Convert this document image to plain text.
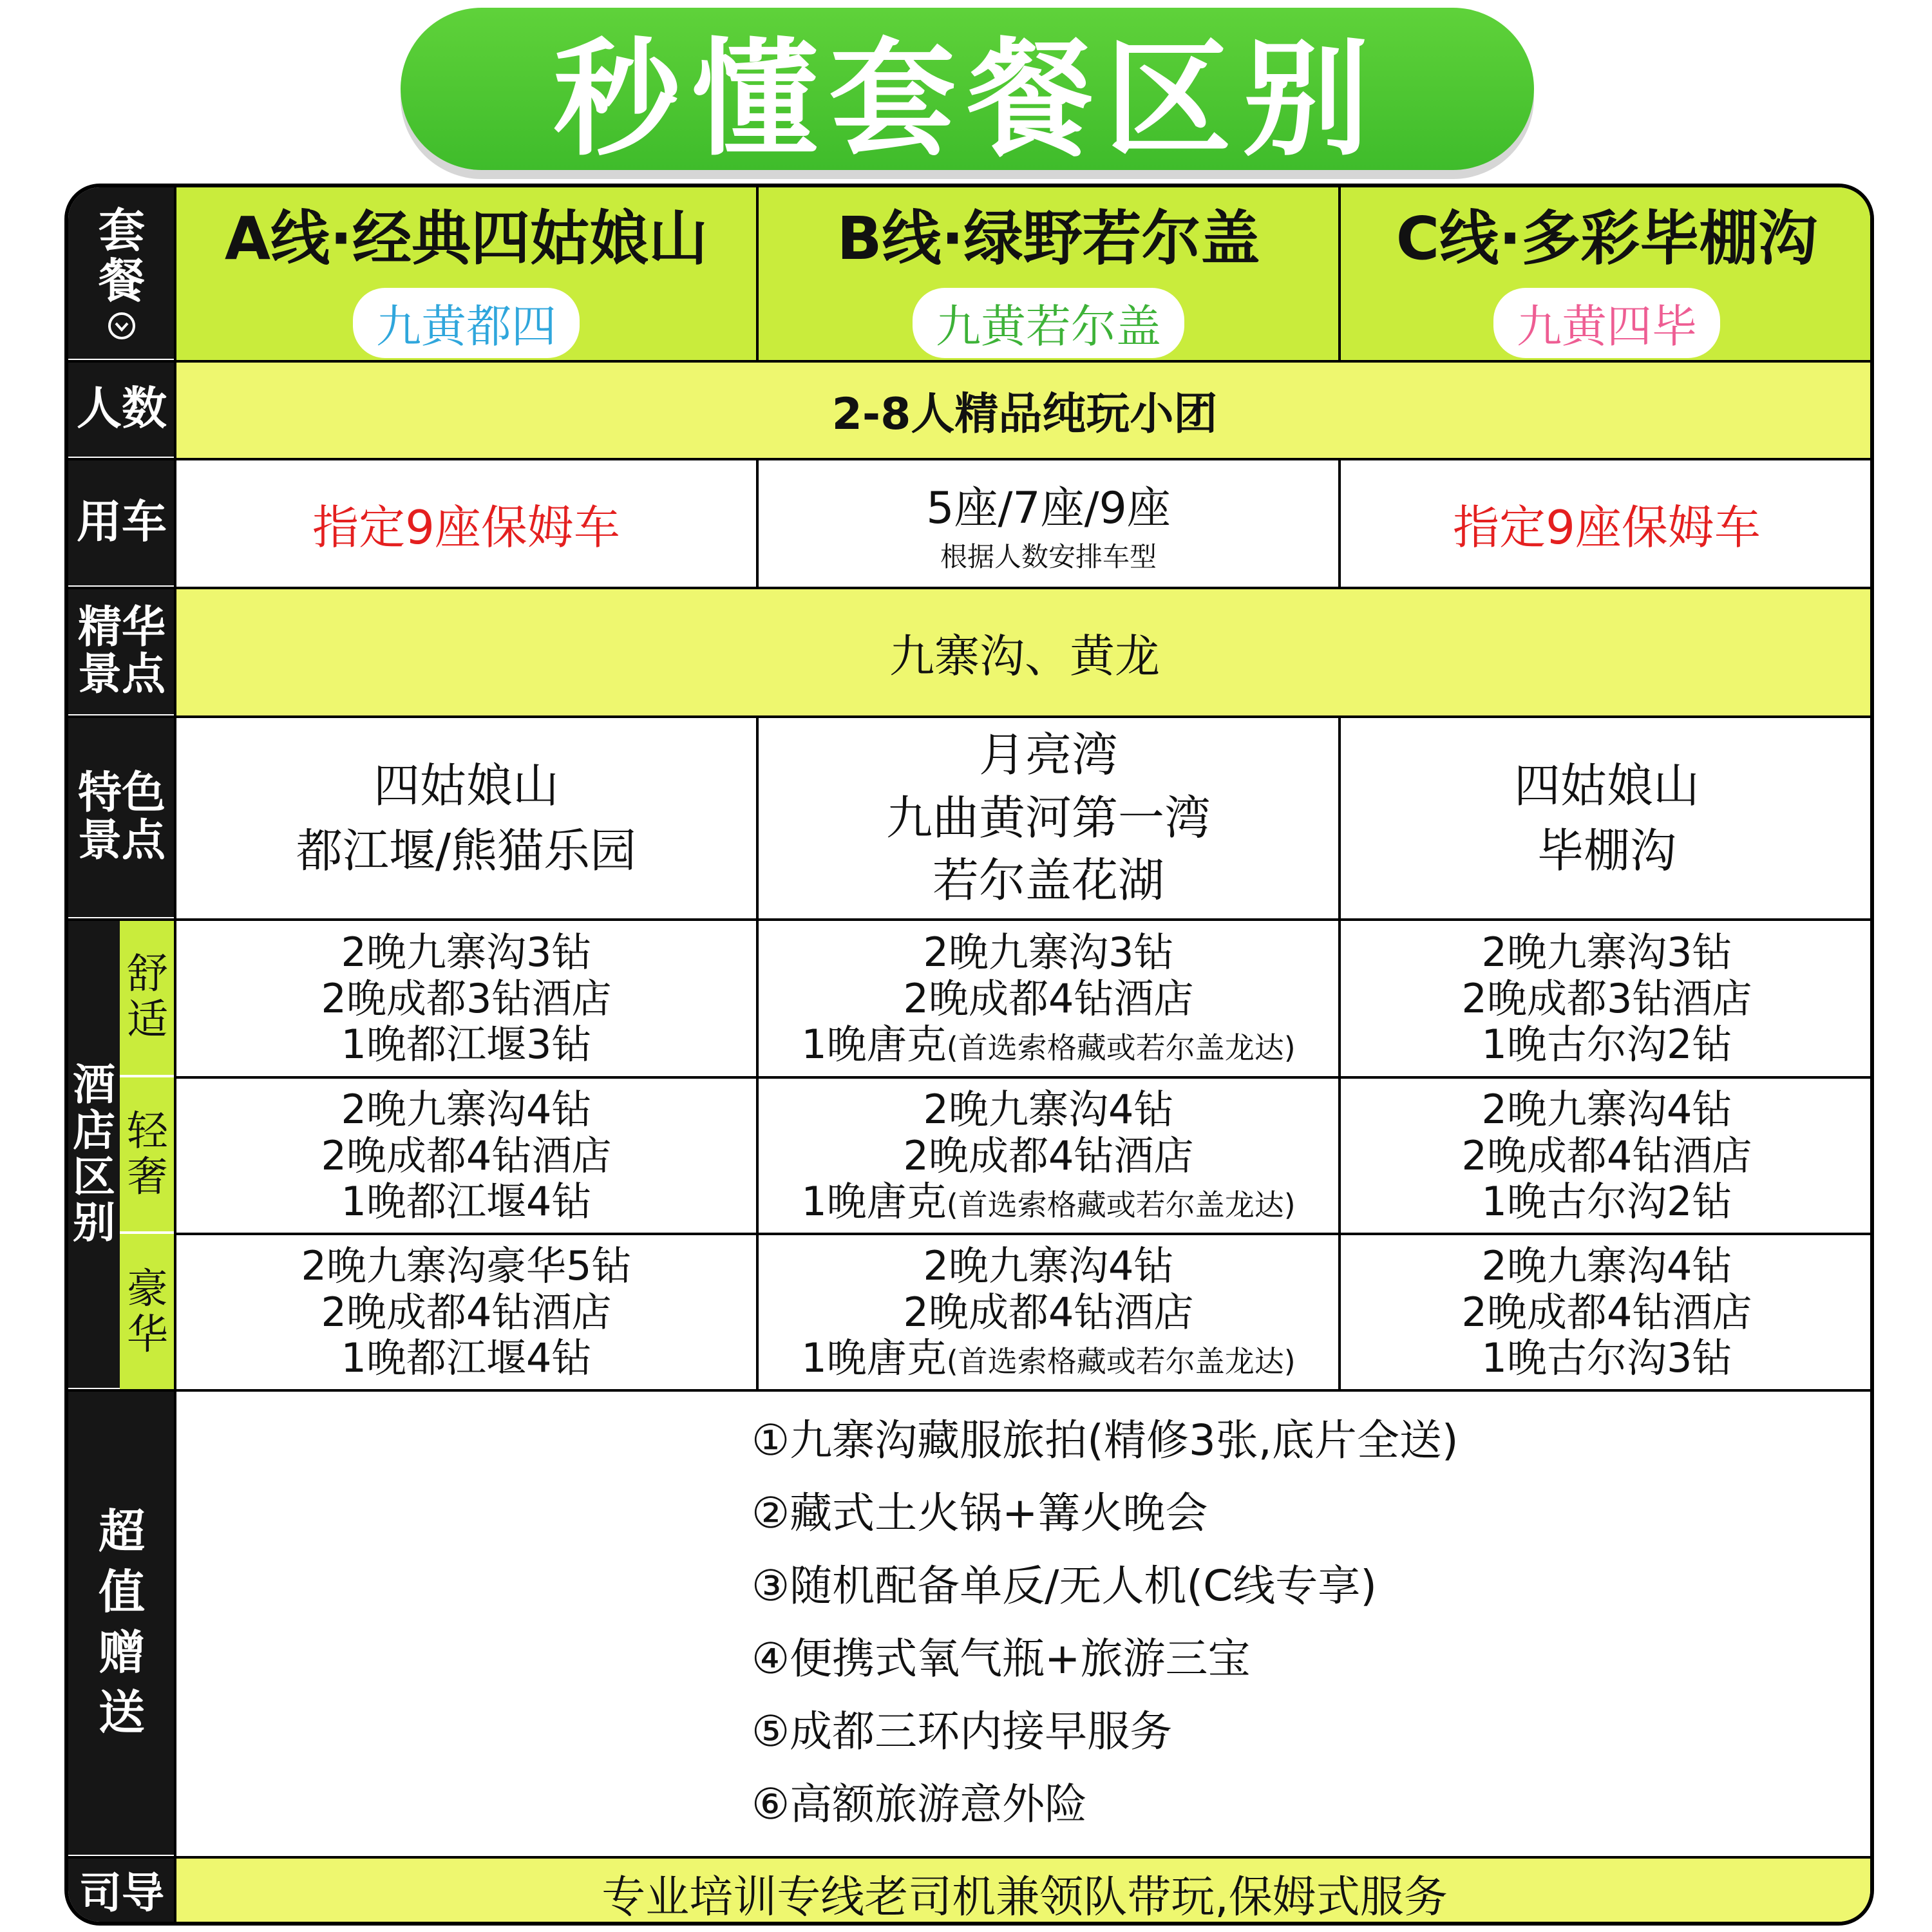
秒懂套餐区别
套
餐
人数
用车
精华
景点
特色
景点
酒
店
区
别
超
值
赠
送
司导
舒
适
轻
奢
豪
华
A线·经典四姑娘山
九黄都四
B线·绿野若尔盖
九黄若尔盖
C线·多彩毕棚沟
九黄四毕
2-8人精品纯玩小团
指定9座保姆车	5座/7座/9座
根据人数安排车型
指定9座保姆车
九寨沟、黄龙
四姑娘山
都江堰/熊猫乐园
月亮湾
九曲黄河第一湾
若尔盖花湖
四姑娘山
毕棚沟
2晚九寨沟3钻
2晚成都3钻酒店
1晚都江堰3钻
2晚九寨沟3钻
2晚成都4钻酒店
1晚唐克(首选索格藏或若尔盖龙达)
2晚九寨沟3钻
2晚成都3钻酒店
1晚古尔沟2钻
2晚九寨沟4钻
2晚成都4钻酒店
1晚都江堰4钻
2晚九寨沟4钻
2晚成都4钻酒店
1晚唐克(首选索格藏或若尔盖龙达)
2晚九寨沟4钻
2晚成都4钻酒店
1晚古尔沟2钻
2晚九寨沟豪华5钻
2晚成都4钻酒店
1晚都江堰4钻
2晚九寨沟4钻
2晚成都4钻酒店
1晚唐克(首选索格藏或若尔盖龙达)
2晚九寨沟4钻
2晚成都4钻酒店
1晚古尔沟3钻
①九寨沟藏服旅拍(精修3张,底片全送)
②藏式土火锅+篝火晚会
③随机配备单反/无人机(C线专享)
④便携式氧气瓶+旅游三宝
⑤成都三环内接早服务
⑥高额旅游意外险
专业培训专线老司机兼领队带玩,保姆式服务
